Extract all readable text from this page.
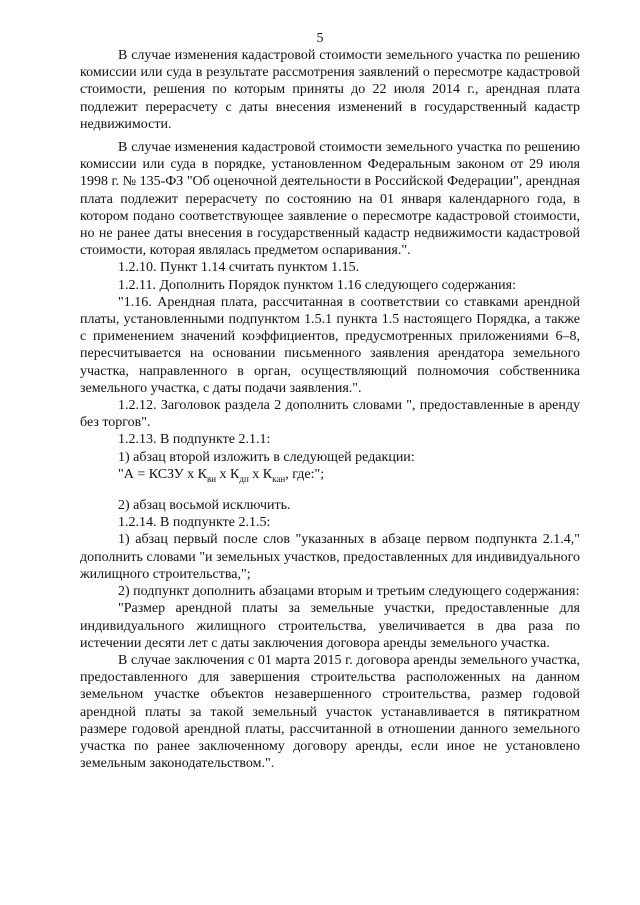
5

В случае изменения кадастровой стоимости земельного участка по решению комиссии или суда в результате рассмотрения заявлений о пересмотре кадастровой стоимости, решения по которым приняты до 22 июля 2014 г., арендная плата подлежит перерасчету с даты внесения изменений в государственный кадастр недвижимости.

В случае изменения кадастровой стоимости земельного участка по решению комиссии или суда в порядке, установленном Федеральным законом от 29 июля 1998 г. № 135-ФЗ "Об оценочной деятельности в Российской Федерации", арендная плата подлежит перерасчету по состоянию на 01 января календарного года, в котором подано соответствующее заявление о пересмотре кадастровой стоимости, но не ранее даты внесения в государственный кадастр недвижимости кадастровой стоимости, которая являлась предметом оспаривания.".

1.2.10. Пункт 1.14 считать пунктом 1.15.

1.2.11. Дополнить Порядок пунктом 1.16 следующего содержания:

"1.16. Арендная плата, рассчитанная в соответствии со ставками арендной платы, установленными подпунктом 1.5.1 пункта 1.5 настоящего Порядка, а также с применением значений коэффициентов, предусмотренных приложениями 6–8, пересчитывается на основании письменного заявления арендатора земельного участка, направленного в орган, осуществляющий полномочия собственника земельного участка, с даты подачи заявления.".

1.2.12. Заголовок раздела 2 дополнить словами ", предоставленные в аренду без торгов".

1.2.13. В подпункте 2.1.1:

1) абзац второй изложить в следующей редакции:

"А = КСЗУ х $К_{ви}$ х $К_{дп}$ х $К_{кан}$, где:";

2) абзац восьмой исключить.

1.2.14. В подпункте 2.1.5:

1) абзац первый после слов "указанных в абзаце первом подпункта 2.1.4," дополнить словами "и земельных участков, предоставленных для индивидуального жилищного строительства,";

2) подпункт дополнить абзацами вторым и третьим следующего содержания:

"Размер арендной платы за земельные участки, предоставленные для индивидуального жилищного строительства, увеличивается в два раза по истечении десяти лет с даты заключения договора аренды земельного участка.

В случае заключения с 01 марта 2015 г. договора аренды земельного участка, предоставленного для завершения строительства расположенных на данном земельном участке объектов незавершенного строительства, размер годовой арендной платы за такой земельный участок устанавливается в пятикратном размере годовой арендной платы, рассчитанной в отношении данного земельного участка по ранее заключенному договору аренды, если иное не установлено земельным законодательством.".
